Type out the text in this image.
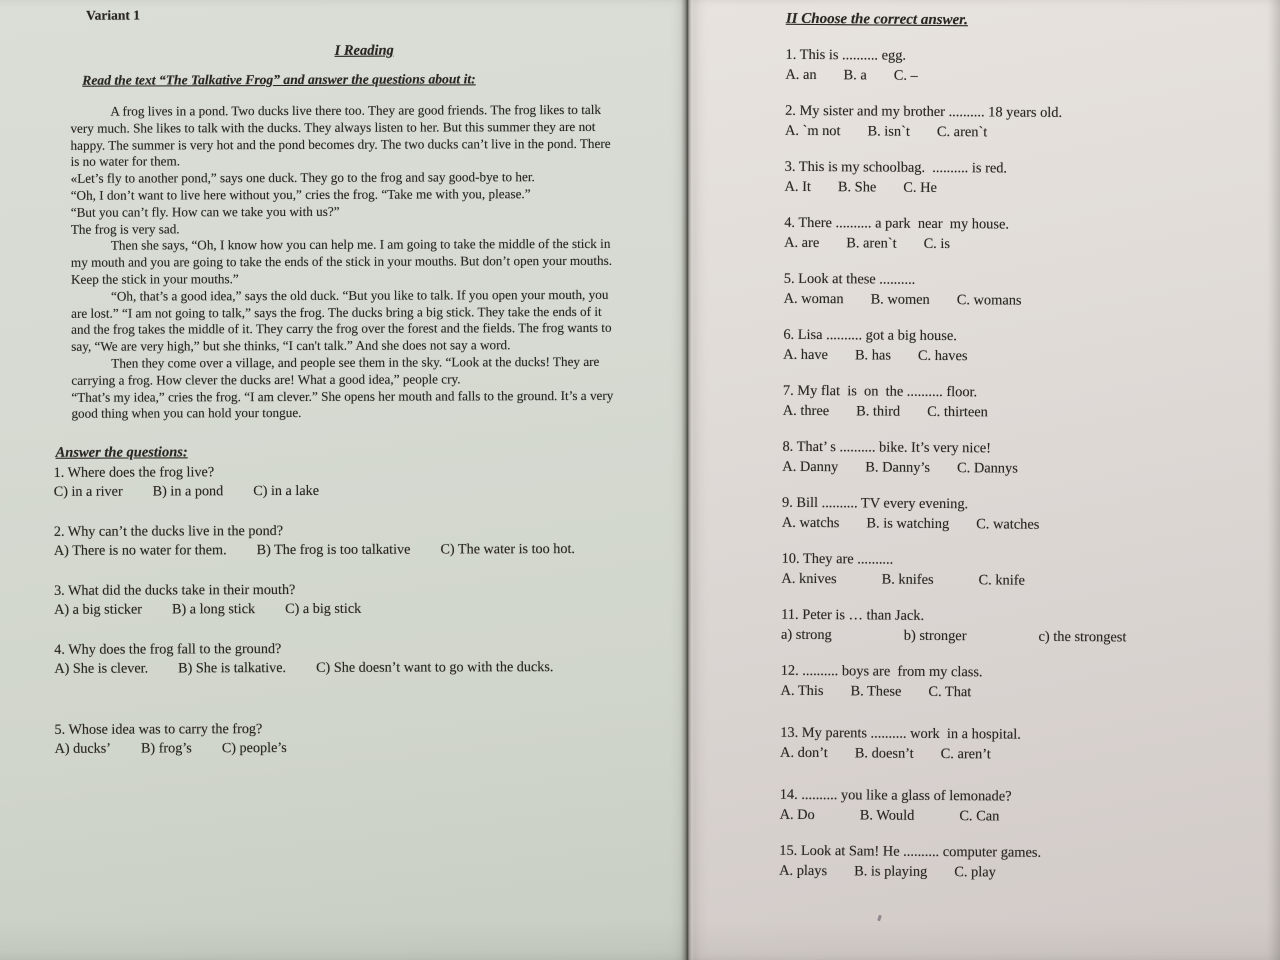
Variant 1
I Reading
Read the text “The Talkative Frog” and answer the questions about it:

A frog lives in a pond. Two ducks live there too. They are good friends. The frog likes to talk very much. She likes to talk with the ducks. They always listen to her. But this summer they are not happy. The summer is very hot and the pond becomes dry. The two ducks can’t live in the pond. There is no water for them.

«Let’s fly to another pond,” says one duck. They go to the frog and say good-bye to her.

“Oh, I don’t want to live here without you,” cries the frog. “Take me with you, please.”

“But you can’t fly. How can we take you with us?”

The frog is very sad.

Then she says, “Oh, I know how you can help me. I am going to take the middle of the stick in my mouth and you are going to take the ends of the stick in your mouths. But don’t open your mouths. Keep the stick in your mouths.”

“Oh, that’s a good idea,” says the old duck. “But you like to talk. If you open your mouth, you are lost.” “I am not going to talk,” says the frog. The ducks bring a big stick. They take the ends of it and the frog takes the middle of it. They carry the frog over the forest and the fields. The frog wants to say, “We are very high,” but she thinks, “I can't talk.” And she does not say a word.

Then they come over a village, and people see them in the sky. “Look at the ducks! They are carrying a frog. How clever the ducks are! What a good idea,” people cry.

“That’s my idea,” cries the frog. “I am clever.” She opens her mouth and falls to the ground. It’s a very good thing when you can hold your tongue.

Answer the questions:
1. Where does the frog live?
C) in a river B) in a pond C) in a lake
2. Why can’t the ducks live in the pond?
A) There is no water for them. B) The frog is too talkative C) The water is too hot.
3. What did the ducks take in their mouth?
A) a big sticker B) a long stick C) a big stick
4. Why does the frog fall to the ground?
A) She is clever. B) She is talkative. C) She doesn’t want to go with the ducks.
5. Whose idea was to carry the frog?
A) ducks’ B) frog’s C) people’s
II Choose the correct answer.
1. This is .......... egg.
A. an B. a C. –
2. My sister and my brother .......... 18 years old.
A. `m not B. isn`t C. aren`t
3. This is my schoolbag.  .......... is red.
A. It B. She C. He
4. There .......... a park  near  my house.
A. are B. aren`t C. is
5. Look at these ..........
A. woman B. women C. womans
6. Lisa .......... got a big house.
A. have B. has C. haves
7. My flat  is  on  the .......... floor.
A. three B. third C. thirteen
8. That’ s .......... bike. It’s very nice!
A. Danny B. Danny’s C. Dannys
9. Bill .......... TV every evening.
A. watchs B. is watching C. watches
10. They are ..........
A. knives	B. knifes	C. knife
11. Peter is … than Jack.
a) strong	b) stronger	c) the strongest
12. .......... boys are  from my class.
A. This B. These C. That
13. My parents .......... work  in a hospital.
A. don’t B. doesn’t C. aren’t
14. .......... you like a glass of lemonade?
A. Do	B. Would	C. Can
15. Look at Sam! He .......... computer games.
A. plays B. is playing C. play
